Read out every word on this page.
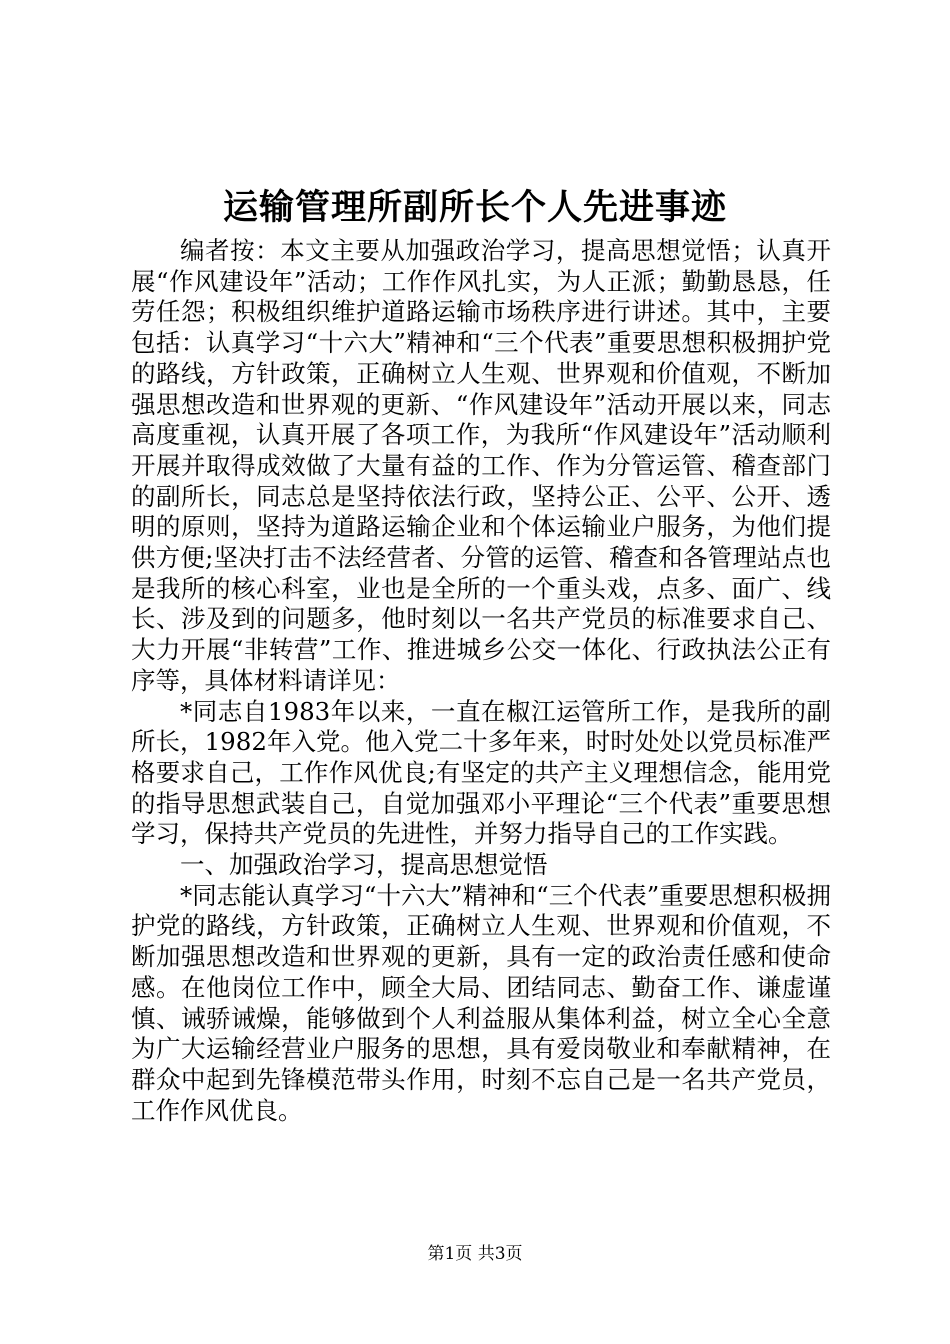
运输管理所副所长个人先进事迹

编者按：本文主要从加强政治学习，提高思想觉悟；认真开展“作风建设年”活动；工作作风扎实，为人正派；勤勤恳恳，任劳任怨；积极组织维护道路运输市场秩序进行讲述。其中，主要包括：认真学习“十六大”精神和“三个代表”重要思想积极拥护党的路线，方针政策，正确树立人生观、世界观和价值观，不断加强思想改造和世界观的更新、“作风建设年”活动开展以来，同志高度重视，认真开展了各项工作，为我所“作风建设年”活动顺利开展并取得成效做了大量有益的工作、作为分管运管、稽查部门的副所长，同志总是坚持依法行政，坚持公正、公平、公开、透明的原则，坚持为道路运输企业和个体运输业户服务，为他们提供方便;坚决打击不法经营者、分管的运管、稽查和各管理站点也是我所的核心科室，业也是全所的一个重头戏，点多、面广、线长、涉及到的问题多，他时刻以一名共产党员的标准要求自己、大力开展“非转营”工作、推进城乡公交一体化、行政执法公正有序等，具体材料请详见：

*同志自1983年以来，一直在椒江运管所工作，是我所的副所长，1982年入党。他入党二十多年来，时时处处以党员标准严格要求自己，工作作风优良;有坚定的共产主义理想信念，能用党的指导思想武装自己，自觉加强邓小平理论“三个代表”重要思想学习，保持共产党员的先进性，并努力指导自己的工作实践。

一、加强政治学习，提高思想觉悟

*同志能认真学习“十六大”精神和“三个代表”重要思想积极拥护党的路线，方针政策，正确树立人生观、世界观和价值观，不断加强思想改造和世界观的更新，具有一定的政治责任感和使命感。在他岗位工作中，顾全大局、团结同志、勤奋工作、谦虚谨慎、诫骄诫燥，能够做到个人利益服从集体利益，树立全心全意为广大运输经营业户服务的思想，具有爱岗敬业和奉献精神，在群众中起到先锋模范带头作用，时刻不忘自己是一名共产党员，工作作风优良。

第1页 共3页
